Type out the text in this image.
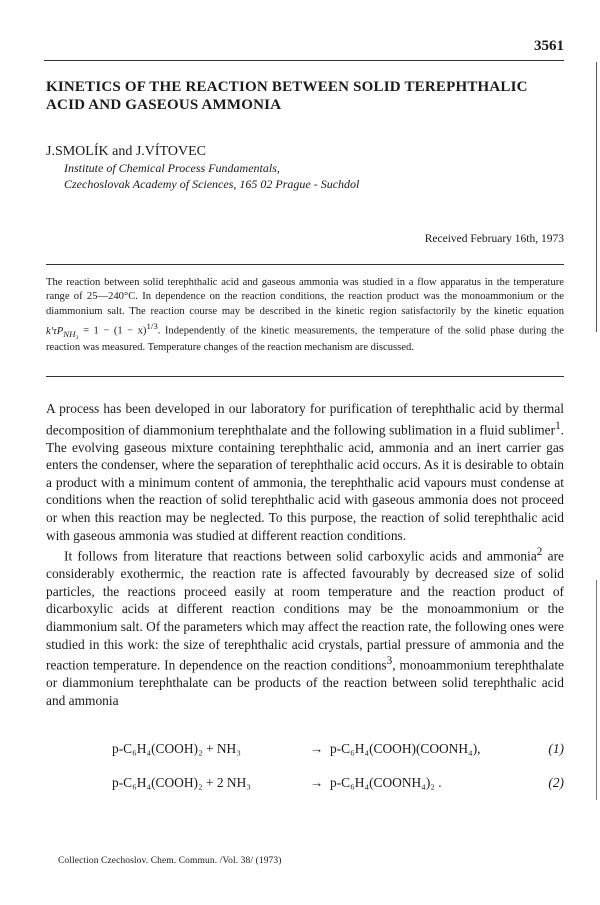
3561
KINETICS OF THE REACTION BETWEEN SOLID TEREPHTHALIC ACID AND GASEOUS AMMONIA
J.SMOLÍK and J.VÍTOVEC
Institute of Chemical Process Fundamentals,
Czechoslovak Academy of Sciences, 165 02 Prague - Suchdol
Received February 16th, 1973

The reaction between solid terephthalic acid and gaseous ammonia was studied in a flow apparatus in the temperature range of 25—240°C. In dependence on the reaction conditions, the reaction product was the monoammonium or the diammonium salt. The reaction course may be described in the kinetic region satisfactorily by the kinetic equation $k'\tau P_{NH_3} = 1 - (1 - x)^{1/3}$. Independently of the kinetic measurements, the temperature of the solid phase during the reaction was measured. Temperature changes of the reaction mechanism are discussed.

A process has been developed in our laboratory for purification of terephthalic acid by thermal decomposition of diammonium terephthalate and the following sublimation in a fluid sublimer$^1$. The evolving gaseous mixture containing terephthalic acid, ammonia and an inert carrier gas enters the condenser, where the separation of terephthalic acid occurs. As it is desirable to obtain a product with a minimum content of ammonia, the terephthalic acid vapours must condense at conditions when the reaction of solid terephthalic acid with gaseous ammonia does not proceed or when this reaction may be neglected. To this purpose, the reaction of solid terephthalic acid with gaseous ammonia was studied at different reaction conditions.

It follows from literature that reactions between solid carboxylic acids and ammonia$^2$ are considerably exothermic, the reaction rate is affected favourably by decreased size of solid particles, the reactions proceed easily at room temperature and the reaction product of dicarboxylic acids at different reaction conditions may be the monoammonium or the diammonium salt. Of the parameters which may affect the reaction rate, the following ones were studied in this work: the size of terephthalic acid crystals, partial pressure of ammonia and the reaction temperature. In dependence on the reaction conditions$^3$, monoammonium terephthalate or diammonium terephthalate can be products of the reaction between solid terephthalic acid and ammonia

p-C₆H₄(COOH)₂ + NH₃	→ p-C₆H₄(COOH)(COONH₄),	(1)
p-C₆H₄(COOH)₂ + 2 NH₃	→ p-C₆H₄(COONH₄)₂ .	(2)
Collection Czechoslov. Chem. Commun. /Vol. 38/ (1973)
